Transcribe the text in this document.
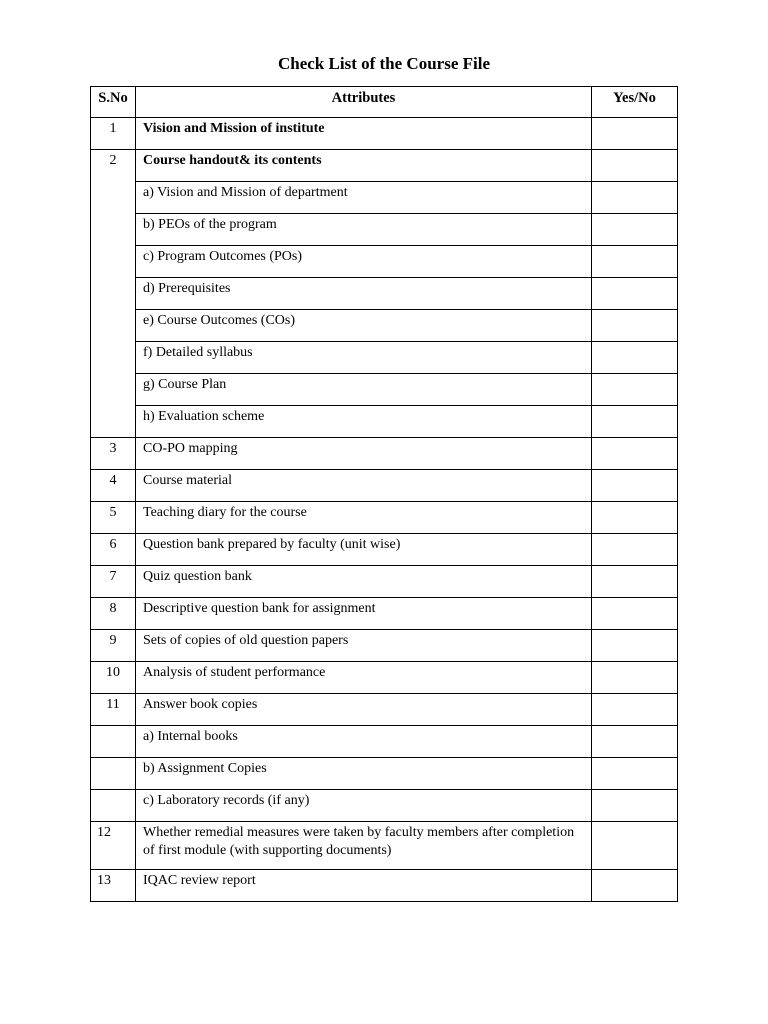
Check List of the Course File
S.No	Attributes	Yes/No
1	Vision and Mission of institute	
2	Course handout& its contents	
	a) Vision and Mission of department	
	b) PEOs of the program	
	c) Program Outcomes (POs)	
	d) Prerequisites	
	e) Course Outcomes (COs)	
	f) Detailed syllabus	
	g) Course Plan	
	h) Evaluation scheme	
3	CO-PO mapping	
4	Course material	
5	Teaching diary for the course	
6	Question bank prepared by faculty (unit wise)	
7	Quiz question bank	
8	Descriptive question bank for assignment	
9	Sets of copies of old question papers	
10	Analysis of student performance	
11	Answer book copies	
	a) Internal books	
	b) Assignment Copies	
	c) Laboratory records (if any)	
12	Whether remedial measures were taken by faculty members after completion of first module (with supporting documents)	
13	IQAC review report	
